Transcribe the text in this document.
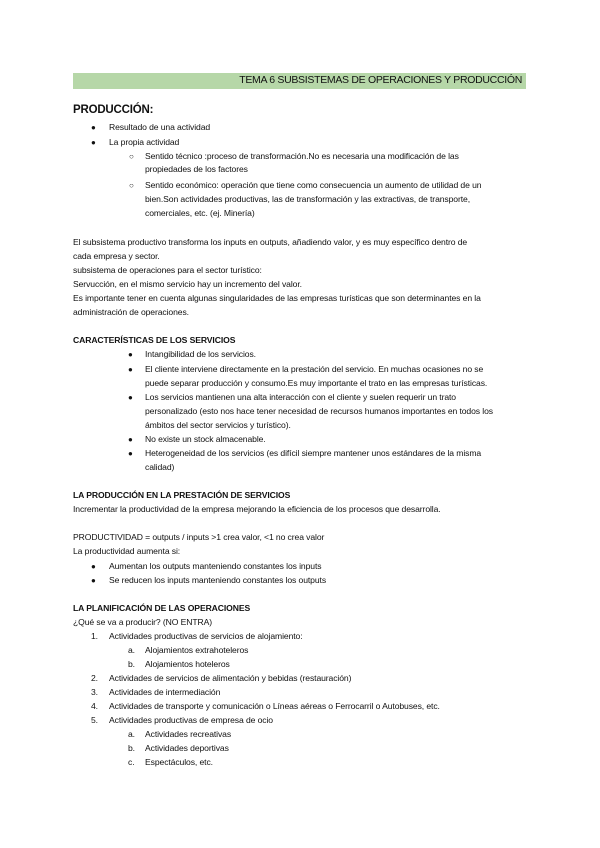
TEMA 6 SUBSISTEMAS DE OPERACIONES Y PRODUCCIÓN
PRODUCCIÓN:
● Resultado de una actividad
● La propia actividad
○ Sentido técnico :proceso de transformación.No es necesaria una modificación de las
propiedades de los factores
○ Sentido económico: operación que tiene como consecuencia un aumento de utilidad de un
bien.Son actividades productivas, las de transformación y las extractivas, de transporte,
comerciales, etc. (ej. Minería)
El subsistema productivo transforma los inputs en outputs, añadiendo valor, y es muy específico dentro de
cada empresa y sector.
subsistema de operaciones para el sector turístico:
Servucción, en el mismo servicio hay un incremento del valor.
Es importante tener en cuenta algunas singularidades de las empresas turísticas que son determinantes en la
administración de operaciones.
CARACTERÍSTICAS DE LOS SERVICIOS
● Intangibilidad de los servicios.
● El cliente interviene directamente en la prestación del servicio. En muchas ocasiones no se
puede separar producción y consumo.Es muy importante el trato en las empresas turísticas.
● Los servicios mantienen una alta interacción con el cliente y suelen requerir un trato
personalizado (esto nos hace tener necesidad de recursos humanos importantes en todos los
ámbitos del sector servicios y turístico).
● No existe un stock almacenable.
● Heterogeneidad de los servicios (es difícil siempre mantener unos estándares de la misma
calidad)
LA PRODUCCIÓN EN LA PRESTACIÓN DE SERVICIOS
Incrementar la productividad de la empresa mejorando la eficiencia de los procesos que desarrolla.
PRODUCTIVIDAD = outputs / inputs >1 crea valor, <1 no crea valor
La productividad aumenta si:
● Aumentan los outputs manteniendo constantes los inputs
● Se reducen los inputs manteniendo constantes los outputs
LA PLANIFICACIÓN DE LAS OPERACIONES
¿Qué se va a producir? (NO ENTRA)
1. Actividades productivas de servicios de alojamiento:
a. Alojamientos extrahoteleros
b. Alojamientos hoteleros
2. Actividades de servicios de alimentación y bebidas (restauración)
3. Actividades de intermediación
4. Actividades de transporte y comunicación o Líneas aéreas o Ferrocarril o Autobuses, etc.
5. Actividades productivas de empresa de ocio
a. Actividades recreativas
b. Actividades deportivas
c. Espectáculos, etc.
